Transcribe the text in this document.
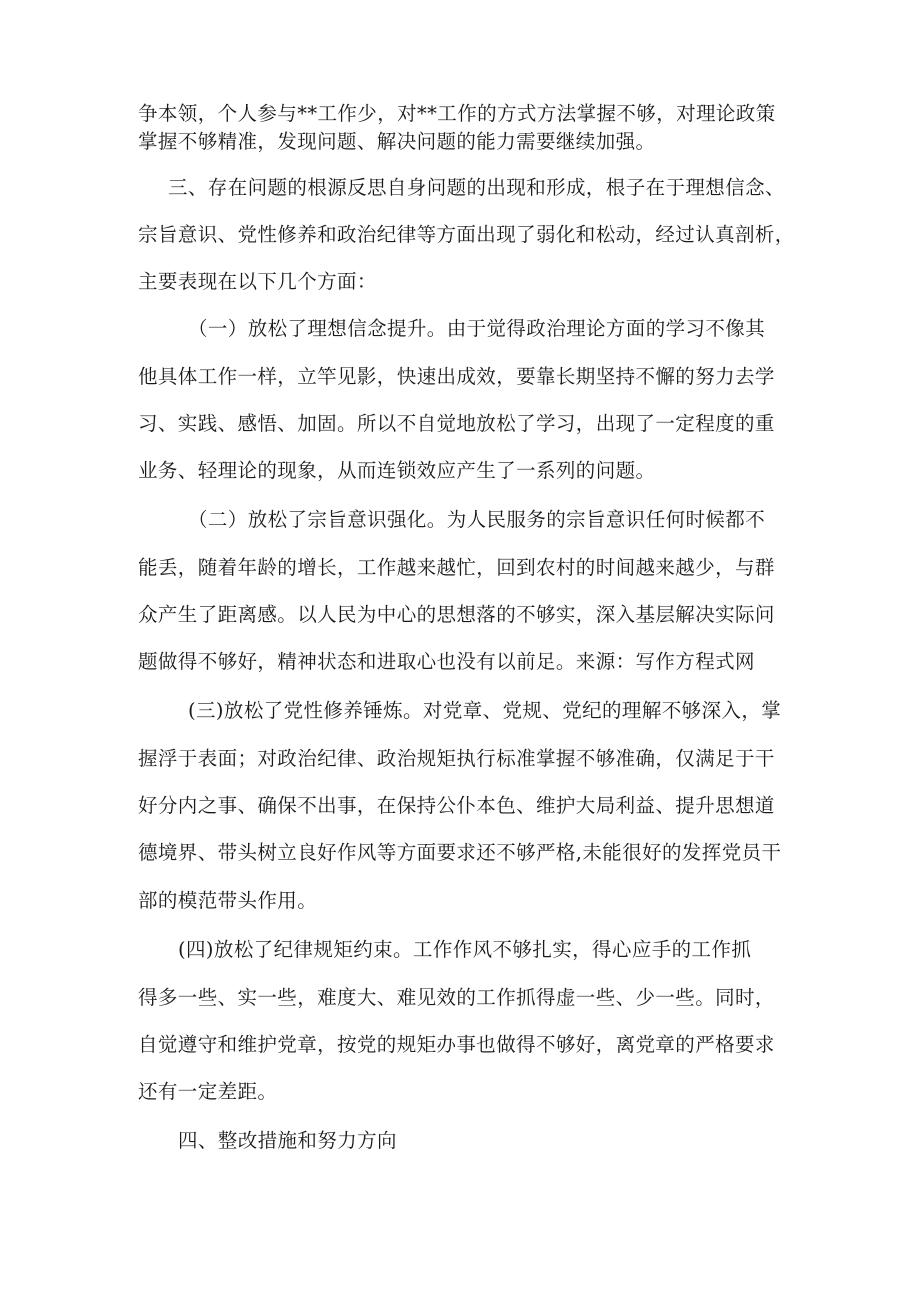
争本领，个人参与**工作少，对**工作的方式方法掌握不够，对理论政策
掌握不够精准，发现问题、解决问题的能力需要继续加强。
三、存在问题的根源反思自身问题的出现和形成，根子在于理想信念、
宗旨意识、党性修养和政治纪律等方面出现了弱化和松动，经过认真剖析，
主要表现在以下几个方面：
（一）放松了理想信念提升。由于觉得政治理论方面的学习不像其
他具体工作一样，立竿见影，快速出成效，要靠长期坚持不懈的努力去学
习、实践、感悟、加固。所以不自觉地放松了学习，出现了一定程度的重
业务、轻理论的现象，从而连锁效应产生了一系列的问题。
（二）放松了宗旨意识强化。为人民服务的宗旨意识任何时候都不
能丢，随着年龄的增长，工作越来越忙，回到农村的时间越来越少，与群
众产生了距离感。以人民为中心的思想落的不够实，深入基层解决实际问
题做得不够好，精神状态和进取心也没有以前足。来源：写作方程式网
(三)放松了党性修养锤炼。对党章、党规、党纪的理解不够深入，掌
握浮于表面；对政治纪律、政治规矩执行标准掌握不够准确，仅满足于干
好分内之事、确保不出事，在保持公仆本色、维护大局利益、提升思想道
德境界、带头树立良好作风等方面要求还不够严格,未能很好的发挥党员干
部的模范带头作用。
(四)放松了纪律规矩约束。工作作风不够扎实，得心应手的工作抓
得多一些、实一些，难度大、难见效的工作抓得虚一些、少一些。同时，
自觉遵守和维护党章，按党的规矩办事也做得不够好，离党章的严格要求
还有一定差距。
四、整改措施和努力方向
